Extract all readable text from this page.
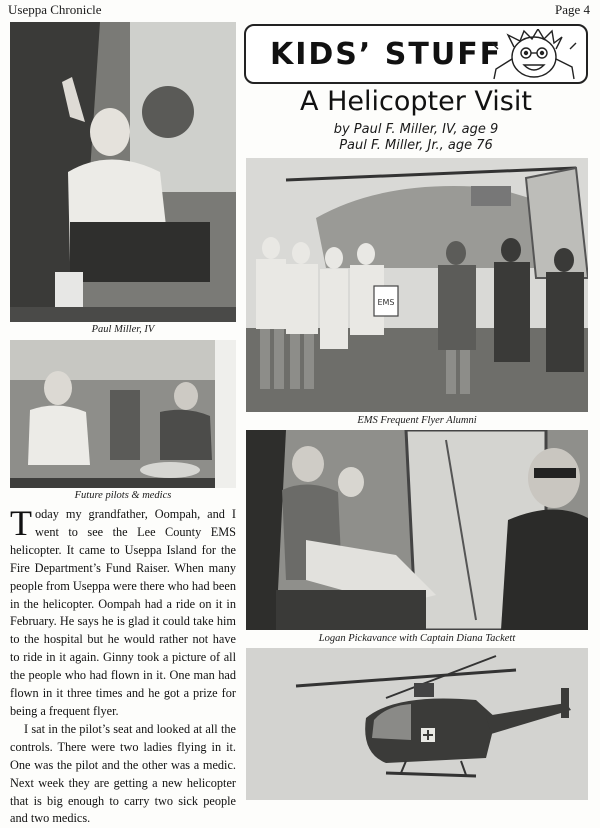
Useppa Chronicle	Page 4
Paul Miller, IV
Future pilots & medics

Today my grandfather, Oompah, and I went to see the Lee County EMS helicopter. It came to Useppa Island for the Fire Department’s Fund Raiser. When many people from Useppa were there who had been in the helicopter. Oompah had a ride on it in February. He says he is glad it could take him to the hospital but he would rather not have to ride in it again. Ginny took a picture of all the people who had flown in it. One man had flown in it three times and he got a prize for being a frequent flyer.

I sat in the pilot’s seat and looked at all the controls. There were two ladies flying in it. One was the pilot and the other was a medic. Next week they are getting a new helicopter that is big enough to carry two sick people and two medics.

KIDS’ STUFF
A Helicopter Visit
by Paul F. Miller, IV, age 9
Paul F. Miller, Jr., age 76
EMS
EMS Frequent Flyer Alumni
Logan Pickavance with Captain Diana Tackett
